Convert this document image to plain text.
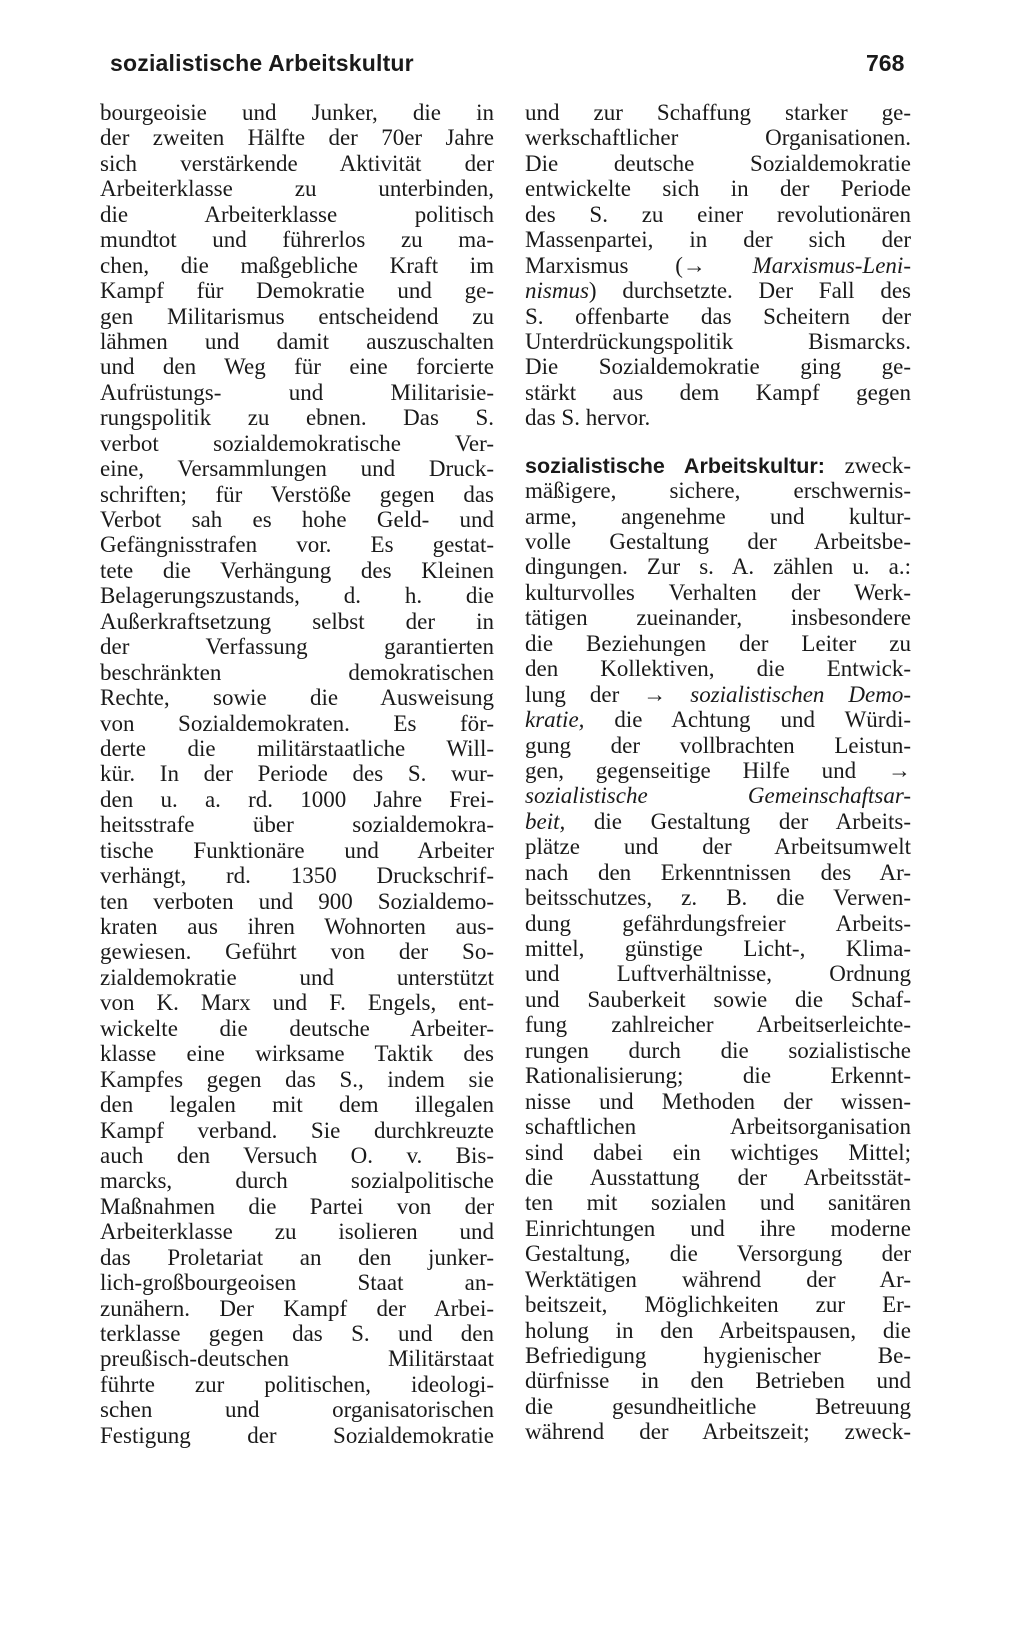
sozialistische Arbeitskultur	768
bourgeoisie und Junker, die in
der zweiten Hälfte der 70er Jahre
sich verstärkende Aktivität der
Arbeiterklasse zu unterbinden,
die Arbeiterklasse politisch
mundtot und führerlos zu ma-
chen, die maßgebliche Kraft im
Kampf für Demokratie und ge-
gen Militarismus entscheidend zu
lähmen und damit auszuschalten
und den Weg für eine forcierte
Aufrüstungs- und Militarisie-
rungspolitik zu ebnen. Das S.
verbot sozialdemokratische Ver-
eine, Versammlungen und Druck-
schriften; für Verstöße gegen das
Verbot sah es hohe Geld- und
Gefängnisstrafen vor. Es gestat-
tete die Verhängung des Kleinen
Belagerungszustands, d. h. die
Außerkraftsetzung selbst der in
der Verfassung garantierten
beschränkten demokratischen
Rechte, sowie die Ausweisung
von Sozialdemokraten. Es för-
derte die militärstaatliche Will-
kür. In der Periode des S. wur-
den u. a. rd. 1000 Jahre Frei-
heitsstrafe über sozialdemokra-
tische Funktionäre und Arbeiter
verhängt, rd. 1350 Druckschrif-
ten verboten und 900 Sozialdemo-
kraten aus ihren Wohnorten aus-
gewiesen. Geführt von der So-
zialdemokratie und unterstützt
von K. Marx und F. Engels, ent-
wickelte die deutsche Arbeiter-
klasse eine wirksame Taktik des
Kampfes gegen das S., indem sie
den legalen mit dem illegalen
Kampf verband. Sie durchkreuzte
auch den Versuch O. v. Bis-
marcks, durch sozialpolitische
Maßnahmen die Partei von der
Arbeiterklasse zu isolieren und
das Proletariat an den junker-
lich-großbourgeoisen Staat an-
zunähern. Der Kampf der Arbei-
terklasse gegen das S. und den
preußisch-deutschen Militärstaat
führte zur politischen, ideologi-
schen und organisatorischen
Festigung der Sozialdemokratie
und zur Schaffung starker ge-
werkschaftlicher Organisationen.
Die deutsche Sozialdemokratie
entwickelte sich in der Periode
des S. zu einer revolutionären
Massenpartei, in der sich der
Marxismus (→ Marxismus-Leni-
nismus) durchsetzte. Der Fall des
S. offenbarte das Scheitern der
Unterdrückungspolitik Bismarcks.
Die Sozialdemokratie ging ge-
stärkt aus dem Kampf gegen
das S. hervor.
sozialistische Arbeitskultur: zweck-
mäßigere, sichere, erschwernis-
arme, angenehme und kultur-
volle Gestaltung der Arbeitsbe-
dingungen. Zur s. A. zählen u. a.:
kulturvolles Verhalten der Werk-
tätigen zueinander, insbesondere
die Beziehungen der Leiter zu
den Kollektiven, die Entwick-
lung der → sozialistischen Demo-
kratie, die Achtung und Würdi-
gung der vollbrachten Leistun-
gen, gegenseitige Hilfe und →
sozialistische Gemeinschaftsar-
beit, die Gestaltung der Arbeits-
plätze und der Arbeitsumwelt
nach den Erkenntnissen des Ar-
beitsschutzes, z. B. die Verwen-
dung gefährdungsfreier Arbeits-
mittel, günstige Licht-, Klima-
und Luftverhältnisse, Ordnung
und Sauberkeit sowie die Schaf-
fung zahlreicher Arbeitserleichte-
rungen durch die sozialistische
Rationalisierung; die Erkennt-
nisse und Methoden der wissen-
schaftlichen Arbeitsorganisation
sind dabei ein wichtiges Mittel;
die Ausstattung der Arbeitsstät-
ten mit sozialen und sanitären
Einrichtungen und ihre moderne
Gestaltung, die Versorgung der
Werktätigen während der Ar-
beitszeit, Möglichkeiten zur Er-
holung in den Arbeitspausen, die
Befriedigung hygienischer Be-
dürfnisse in den Betrieben und
die gesundheitliche Betreuung
während der Arbeitszeit; zweck-
